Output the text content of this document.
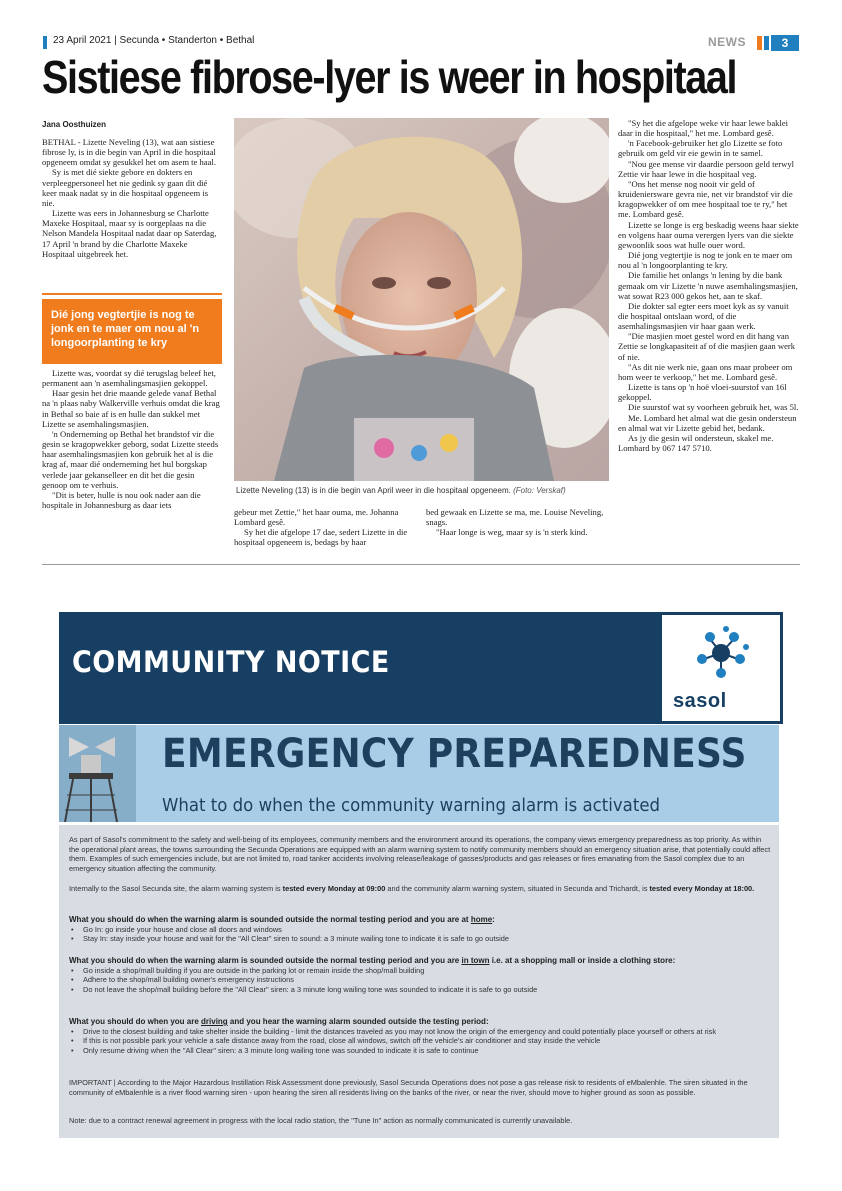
23 April 2021 | Secunda • Standerton • Bethal	NEWS	3
Sistiese fibrose-lyer is weer in hospitaal
Jana Oosthuizen

BETHAL - Lizette Neveling (13), wat aan sistiese fibrose ly, is in die begin van April in die hospitaal opgeneem omdat sy gesukkel het om asem te haal.

Sy is met dié siekte gebore en dokters en verpleegpersoneel het nie gedink sy gaan dit dié keer maak nadat sy in die hospitaal opgeneem is nie.

Lizette was eers in Johannesburg se Charlotte Maxeke Hospitaal, maar sy is oorgeplaas na die Nelson Mandela Hospitaal nadat daar op Saterdag, 17 April 'n brand by die Charlotte Maxeke Hospitaal uitgebreek het.

Dié jong vegtertjie is nog te jonk en te maer om nou al 'n longoorplanting te kry

Lizette was, voordat sy dié terugslag beleef het, permanent aan 'n asemhalingsmasjien gekoppel.

Haar gesin het drie maande gelede vanaf Bethal na 'n plaas naby Walkerville verhuis omdat die krag in Bethal so baie af is en hulle dan sukkel met Lizette se asemhalingsmasjien.

'n Onderneming op Bethal het brandstof vir die gesin se kragopwekker geborg, sodat Lizette steeds haar asemhalingsmasjien kon gebruik het al is die krag af, maar dié onderneming het hul borgskap verlede jaar gekanselleer en dit het die gesin genoop om te verhuis.

"Dit is beter, hulle is nou ook nader aan die hospitale in Johannesburg as daar iets

Lizette Neveling (13) is in die begin van April weer in die hospitaal opgeneem. (Foto: Verskaf)

gebeur met Zettie," het haar ouma, me. Johanna Lombard gesê.

Sy het die afgelope 17 dae, sedert Lizette in die hospitaal opgeneem is, bedags by haar

bed gewaak en Lizette se ma, me. Louise Neveling, snags.

"Haar longe is weg, maar sy is 'n sterk kind.

"Sy het die afgelope weke vir haar lewe baklei daar in die hospitaal," het me. Lombard gesê.

'n Facebook-gebruiker het glo Lizette se foto gebruik om geld vir eie gewin in te samel.

"Nou gee mense vir daardie persoon geld terwyl Zettie vir haar lewe in die hospitaal veg.

"Ons het mense nog nooit vir geld of kruideniersware gevra nie, net vir brandstof vir die kragopwekker of om mee hospitaal toe te ry," het me. Lombard gesê.

Lizette se longe is erg beskadig weens haar siekte en volgens haar ouma verergen lyers van die siekte gewoonlik soos wat hulle ouer word.

Dié jong vegtertjie is nog te jonk en te maer om nou al 'n longoorplanting te kry.

Die familie het onlangs 'n lening by die bank gemaak om vir Lizette 'n nuwe asemhalingsmasjien, wat sowat R23 000 gekos het, aan te skaf.

Die dokter sal egter eers moet kyk as sy vanuit die hospitaal ontslaan word, of die asemhalingsmasjien vir haar gaan werk.

"Die masjien moet gestel word en dit hang van Zettie se longkapasiteit af of die masjien gaan werk of nie.

"As dit nie werk nie, gaan ons maar probeer om hom weer te verkoop," het me. Lombard gesê.

Lizette is tans op 'n hoë vloei-suurstof van 16l gekoppel.

Die suurstof wat sy voorheen gebruik het, was 5l.

Me. Lombard het almal wat die gesin ondersteun en almal wat vir Lizette gebid het, bedank.

As jy die gesin wil ondersteun, skakel me. Lombard by 067 147 5710.

COMMUNITY NOTICE
sasol
EMERGENCY PREPAREDNESS
What to do when the community warning alarm is activated
As part of Sasol's commitment to the safety and well-being of its employees, community members and the environment around its operations, the company views emergency preparedness as top priority. As within the operational plant areas, the towns surrounding the Secunda Operations are equipped with an alarm warning system to notify community members should an emergency situation arise, that potentially could affect them. Examples of such emergencies include, but are not limited to, road tanker accidents involving release/leakage of gasses/products and gas releases or fires emanating from the Sasol complex due to an emergency situation affecting the community.
Internally to the Sasol Secunda site, the alarm warning system is tested every Monday at 09:00 and the community alarm warning system, situated in Secunda and Trichardt, is tested every Monday at 18:00.
What you should do when the warning alarm is sounded outside the normal testing period and you are at home:
• Go In: go inside your house and close all doors and windows
• Stay In: stay inside your house and wait for the "All Clear" siren to sound: a 3 minute wailing tone to indicate it is safe to go outside
What you should do when the warning alarm is sounded outside the normal testing period and you are in town i.e. at a shopping mall or inside a clothing store:
• Go inside a shop/mall building if you are outside in the parking lot or remain inside the shop/mall building
• Adhere to the shop/mall building owner's emergency instructions
• Do not leave the shop/mall building before the "All Clear" siren: a 3 minute long wailing tone was sounded to indicate it is safe to go outside
What you should do when you are driving and you hear the warning alarm sounded outside the testing period:
• Drive to the closest building and take shelter inside the building - limit the distances traveled as you may not know the origin of the emergency and could potentially place yourself or others at risk
• If this is not possible park your vehicle a safe distance away from the road, close all windows, switch off the vehicle's air conditioner and stay inside the vehicle
• Only resume driving when the "All Clear" siren: a 3 minute long wailing tone was sounded to indicate it is safe to continue
IMPORTANT | According to the Major Hazardous Instillation Risk Assessment done previously, Sasol Secunda Operations does not pose a gas release risk to residents of eMbalenhle. The siren situated in the community of eMbalenhle is a river flood warning siren - upon hearing the siren all residents living on the banks of the river, or near the river, should move to higher ground as soon as possible.
Note: due to a contract renewal agreement in progress with the local radio station, the "Tune In" action as normally communicated is currently unavailable.
